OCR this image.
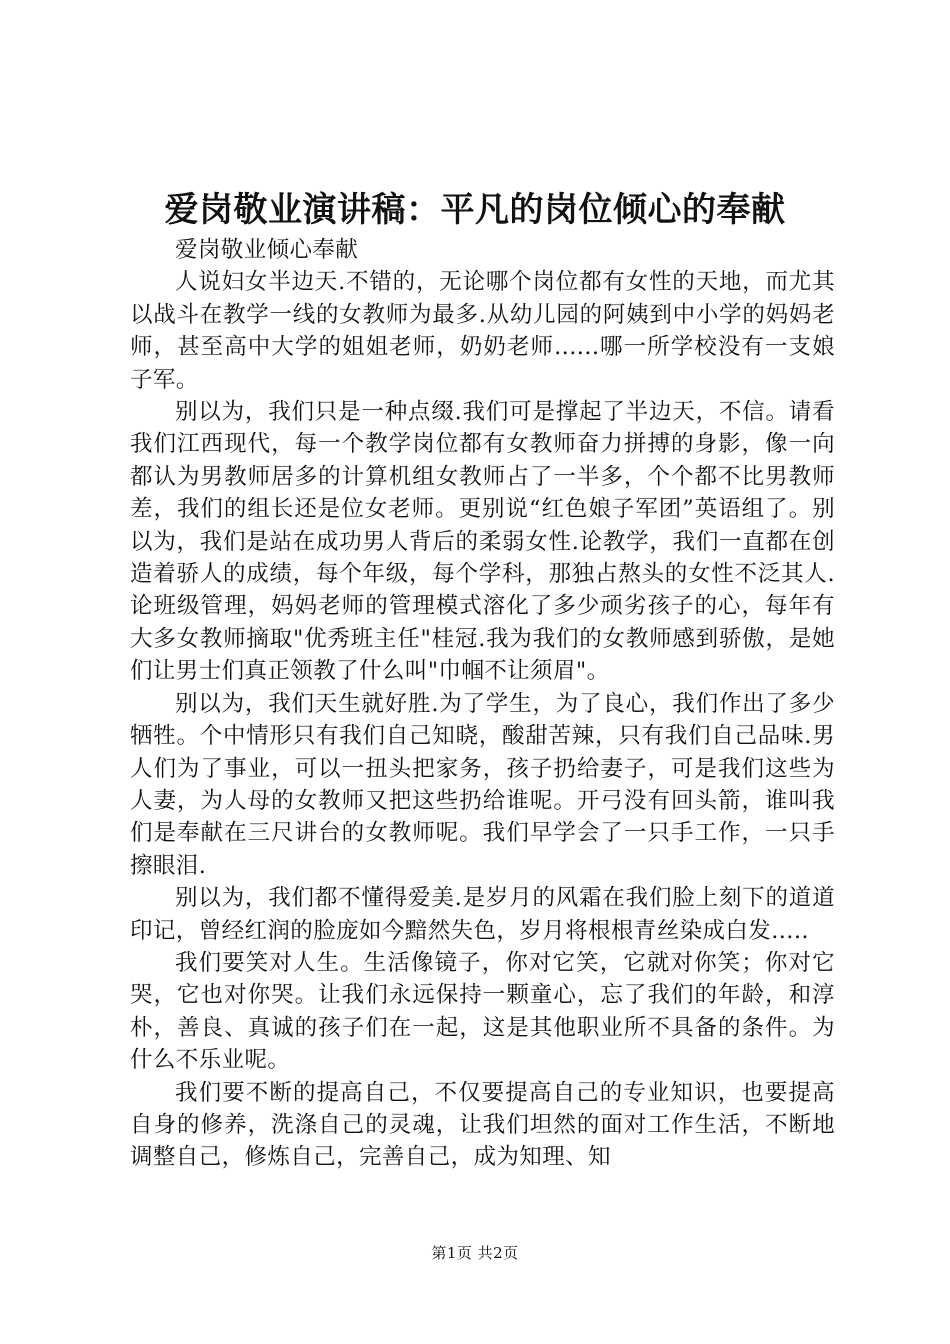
爱岗敬业演讲稿：平凡的岗位倾心的奉献

爱岗敬业倾心奉献

人说妇女半边天.不错的，无论哪个岗位都有女性的天地，而尤其以战斗在教学一线的女教师为最多.从幼儿园的阿姨到中小学的妈妈老师，甚至高中大学的姐姐老师，奶奶老师......哪一所学校没有一支娘子军。

别以为，我们只是一种点缀.我们可是撑起了半边天，不信。请看我们江西现代，每一个教学岗位都有女教师奋力拼搏的身影，像一向都认为男教师居多的计算机组女教师占了一半多，个个都不比男教师差，我们的组长还是位女老师。更别说“红色娘子军团”英语组了。别以为，我们是站在成功男人背后的柔弱女性.论教学，我们一直都在创造着骄人的成绩，每个年级，每个学科，那独占熬头的女性不泛其人.论班级管理，妈妈老师的管理模式溶化了多少顽劣孩子的心，每年有大多女教师摘取"优秀班主任"桂冠.我为我们的女教师感到骄傲，是她们让男士们真正领教了什么叫"巾帼不让须眉"。

别以为，我们天生就好胜.为了学生，为了良心，我们作出了多少牺牲。个中情形只有我们自己知晓，酸甜苦辣，只有我们自己品味.男人们为了事业，可以一扭头把家务，孩子扔给妻子，可是我们这些为人妻，为人母的女教师又把这些扔给谁呢。开弓没有回头箭，谁叫我们是奉献在三尺讲台的女教师呢。我们早学会了一只手工作，一只手擦眼泪.

别以为，我们都不懂得爱美.是岁月的风霜在我们脸上刻下的道道印记，曾经红润的脸庞如今黯然失色，岁月将根根青丝染成白发.....

我们要笑对人生。生活像镜子，你对它笑，它就对你笑；你对它哭，它也对你哭。让我们永远保持一颗童心，忘了我们的年龄，和淳朴，善良、真诚的孩子们在一起，这是其他职业所不具备的条件。为什么不乐业呢。

我们要不断的提高自己，不仅要提高自己的专业知识，也要提高自身的修养，洗涤自己的灵魂，让我们坦然的面对工作生活，不断地调整自己，修炼自己，完善自己，成为知理、知

第1页 共2页
